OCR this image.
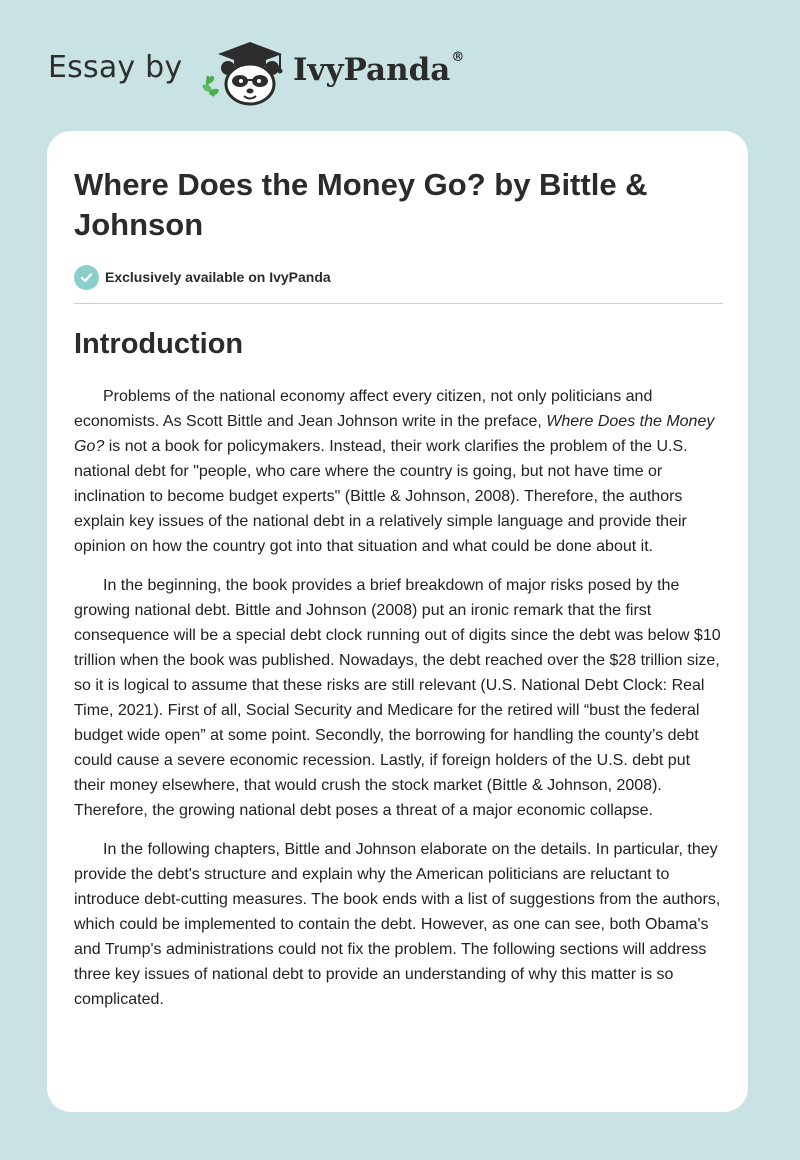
Essay by	IvyPanda®
Where Does the Money Go? by Bittle & Johnson
Exclusively available on IvyPanda
Introduction

Problems of the national economy affect every citizen, not only politicians and economists. As Scott Bittle and Jean Johnson write in the preface, Where Does the Money Go? is not a book for policymakers. Instead, their work clarifies the problem of the U.S. national debt for "people, who care where the country is going, but not have time or inclination to become budget experts" (Bittle & Johnson, 2008). Therefore, the authors explain key issues of the national debt in a relatively simple language and provide their opinion on how the country got into that situation and what could be done about it.

In the beginning, the book provides a brief breakdown of major risks posed by the growing national debt. Bittle and Johnson (2008) put an ironic remark that the first consequence will be a special debt clock running out of digits since the debt was below $10 trillion when the book was published. Nowadays, the debt reached over the $28 trillion size, so it is logical to assume that these risks are still relevant (U.S. National Debt Clock: Real Time, 2021). First of all, Social Security and Medicare for the retired will “bust the federal budget wide open” at some point. Secondly, the borrowing for handling the county’s debt could cause a severe economic recession. Lastly, if foreign holders of the U.S. debt put their money elsewhere, that would crush the stock market (Bittle & Johnson, 2008). Therefore, the growing national debt poses a threat of a major economic collapse.

In the following chapters, Bittle and Johnson elaborate on the details. In particular, they provide the debt's structure and explain why the American politicians are reluctant to introduce debt-cutting measures. The book ends with a list of suggestions from the authors, which could be implemented to contain the debt. However, as one can see, both Obama's and Trump's administrations could not fix the problem. The following sections will address three key issues of national debt to provide an understanding of why this matter is so complicated.
